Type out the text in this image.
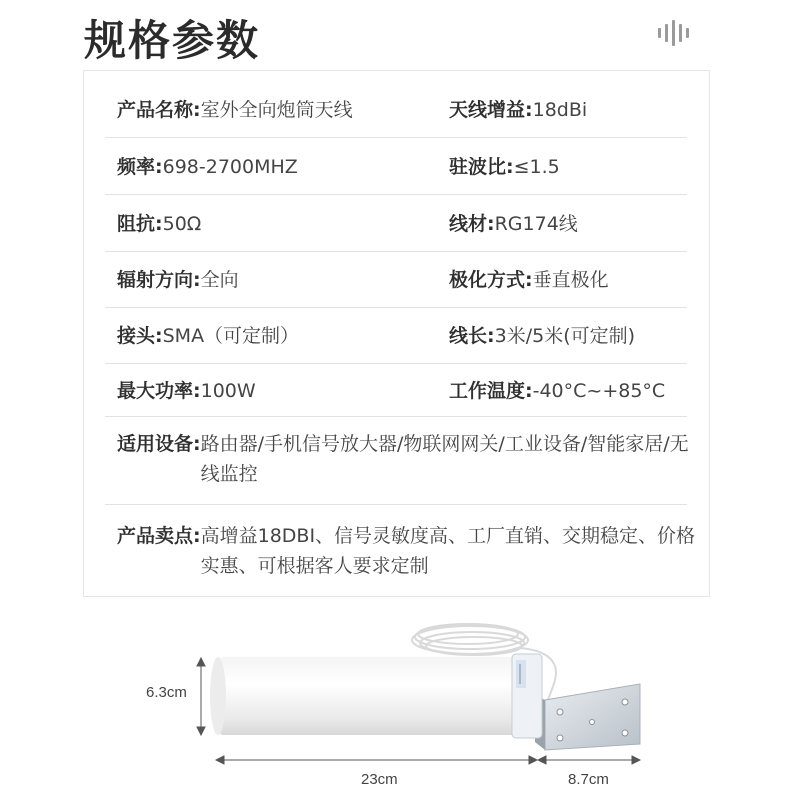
规格参数
产品名称:室外全向炮筒天线	天线增益:18dBi
频率:698-2700MHZ	驻波比:≤1.5
阻抗:50Ω	线材:RG174线
辐射方向:全向	极化方式:垂直极化
接头:SMA（可定制）	线长:3米/5米(可定制)
最大功率:100W	工作温度:-40°C~+85°C
适用设备: 路由器/手机信号放大器/物联网网关/工业设备/智能家居/无线监控
产品卖点: 高增益18DBI、信号灵敏度高、工厂直销、交期稳定、价格实惠、可根据客人要求定制
6.3cm
23cm	8.7cm
